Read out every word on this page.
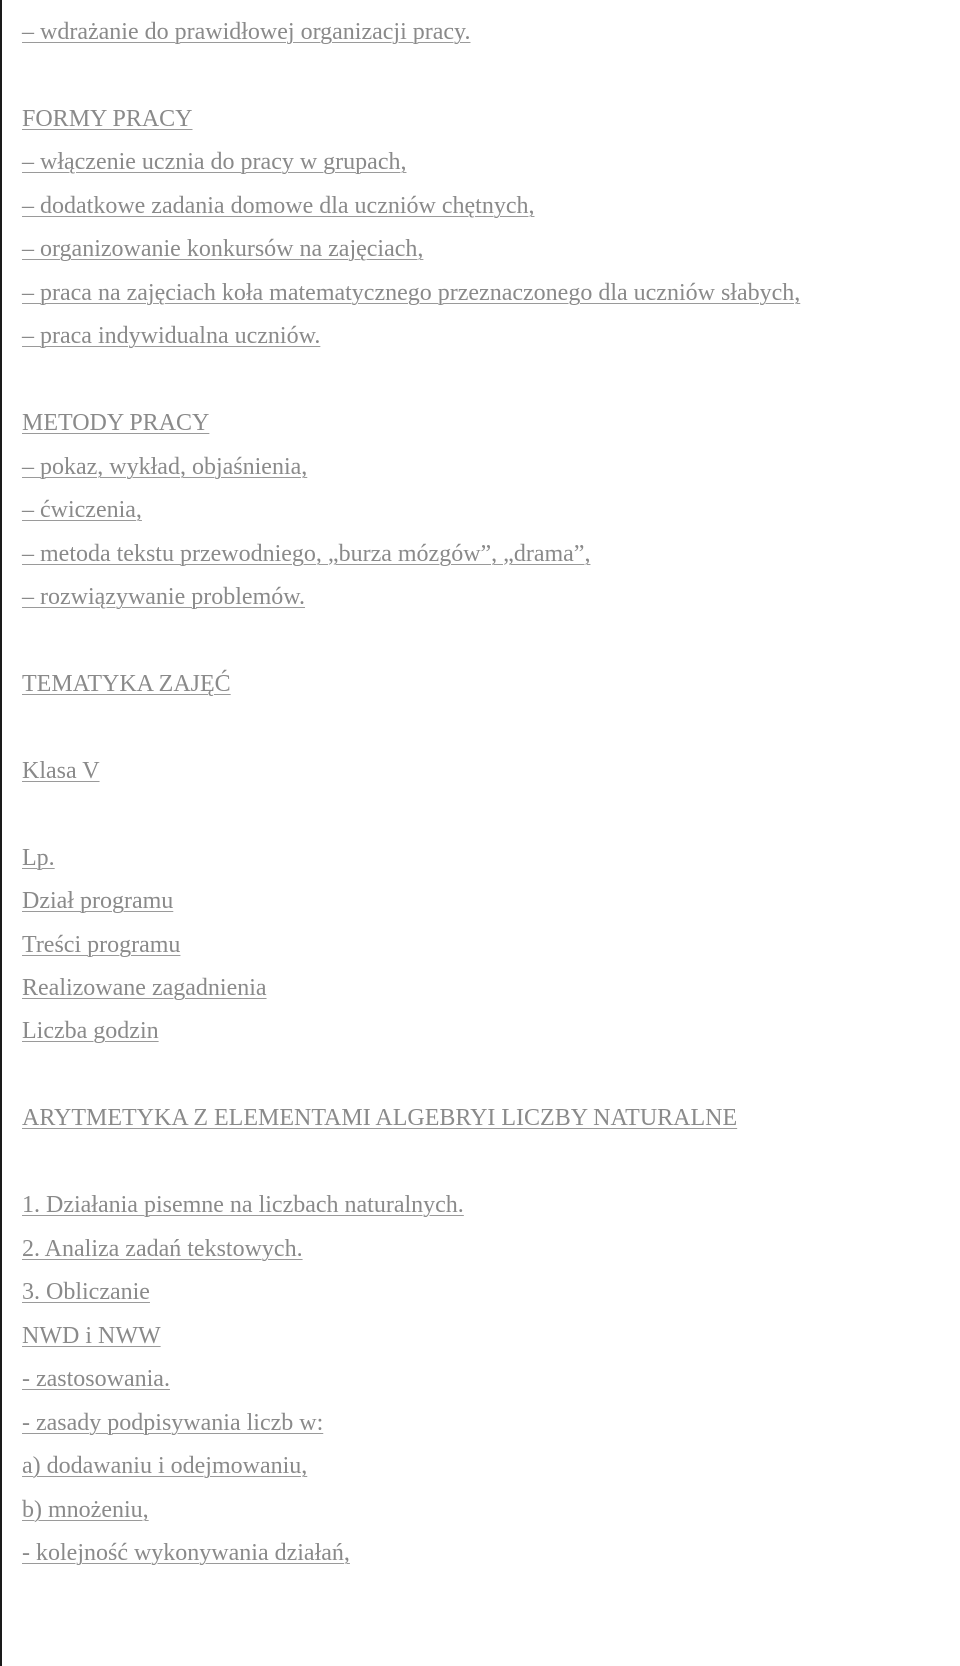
– wdrażanie do prawidłowej organizacji pracy.
FORMY PRACY
– włączenie ucznia do pracy w grupach,
– dodatkowe zadania domowe dla uczniów chętnych,
– organizowanie konkursów na zajęciach,
– praca na zajęciach koła matematycznego przeznaczonego dla uczniów słabych,
– praca indywidualna uczniów.
METODY PRACY
– pokaz, wykład, objaśnienia,
– ćwiczenia,
– metoda tekstu przewodniego, „burza mózgów”, „drama”,
– rozwiązywanie problemów.
TEMATYKA ZAJĘĆ
Klasa V
Lp.
Dział programu
Treści programu
Realizowane zagadnienia
Liczba godzin
ARYTMETYKA Z ELEMENTAMI ALGEBRYI LICZBY NATURALNE
1. Działania pisemne na liczbach naturalnych.
2. Analiza zadań tekstowych.
3. Obliczanie
NWD i NWW
- zastosowania.
- zasady podpisywania liczb w:
a) dodawaniu i odejmowaniu,
b) mnożeniu,
- kolejność wykonywania działań,
